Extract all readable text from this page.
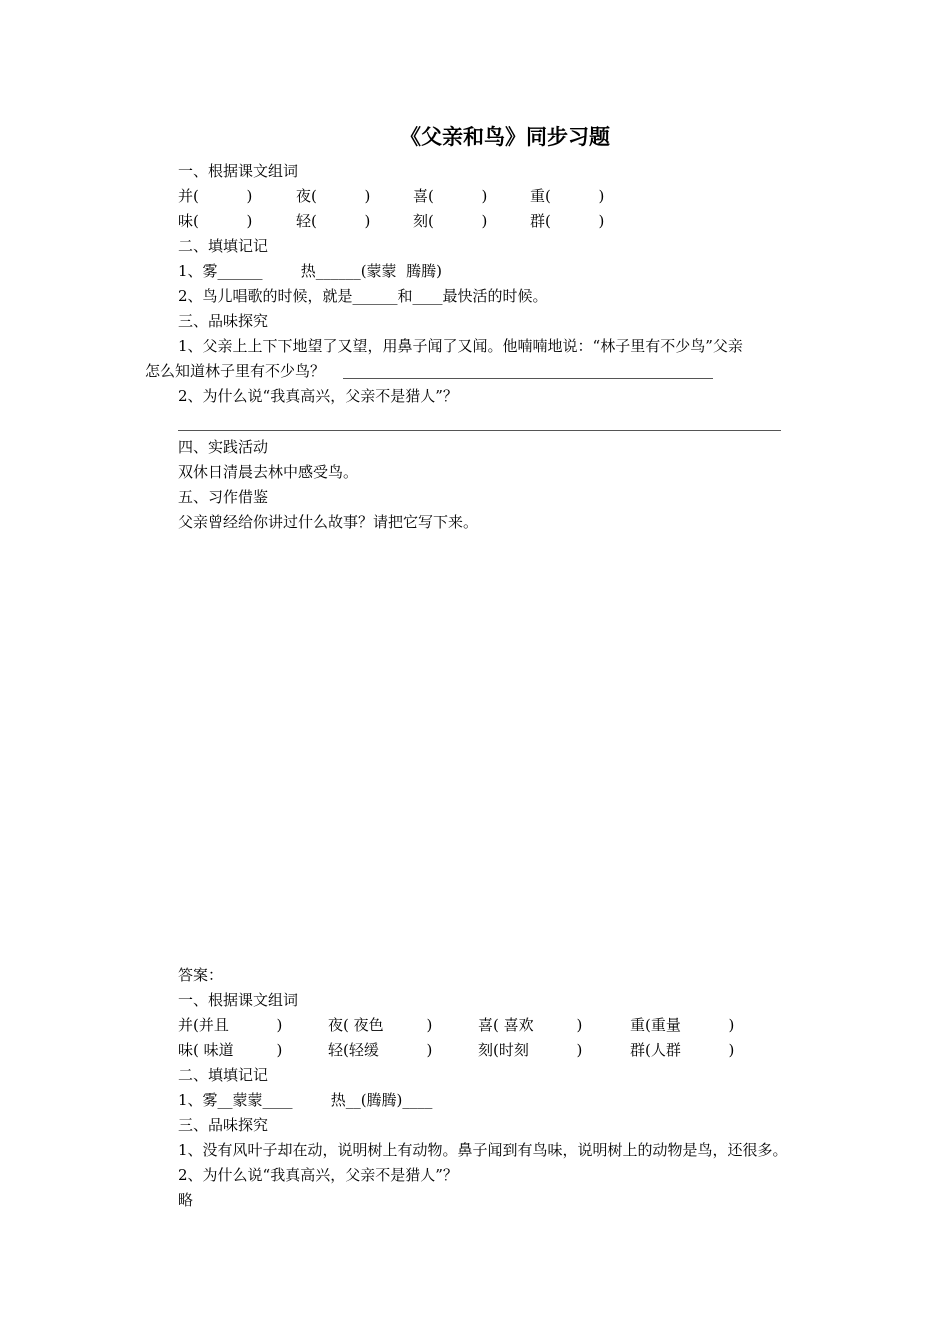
《父亲和鸟》同步习题
一、根据课文组词
并(          )	夜(          )	喜(          )	重(          )
味(          )	轻(          )	刻(          )	群(          )
二、填填记记
1、雾______        热______(蒙蒙  腾腾)
2、鸟儿唱歌的时候，就是______和____最快活的时候。
三、品味探究
1、父亲上上下下地望了又望，用鼻子闻了又闻。他喃喃地说：“林子里有不少鸟”父亲
怎么知道林子里有不少鸟？
2、为什么说“我真高兴，父亲不是猎人”？
四、实践活动
双休日清晨去林中感受鸟。
五、习作借鉴
父亲曾经给你讲过什么故事？请把它写下来。
答案：
一、根据课文组词
并(并且          )	夜( 夜色         )	喜( 喜欢         )	重(重量          )
味( 味道         )	轻(轻缓          )	刻(时刻          )	群(人群          )
二、填填记记
1、雾__蒙蒙____        热__(腾腾)____
三、品味探究
1、没有风叶子却在动，说明树上有动物。鼻子闻到有鸟味，说明树上的动物是鸟，还很多。
2、为什么说“我真高兴，父亲不是猎人”？
略
